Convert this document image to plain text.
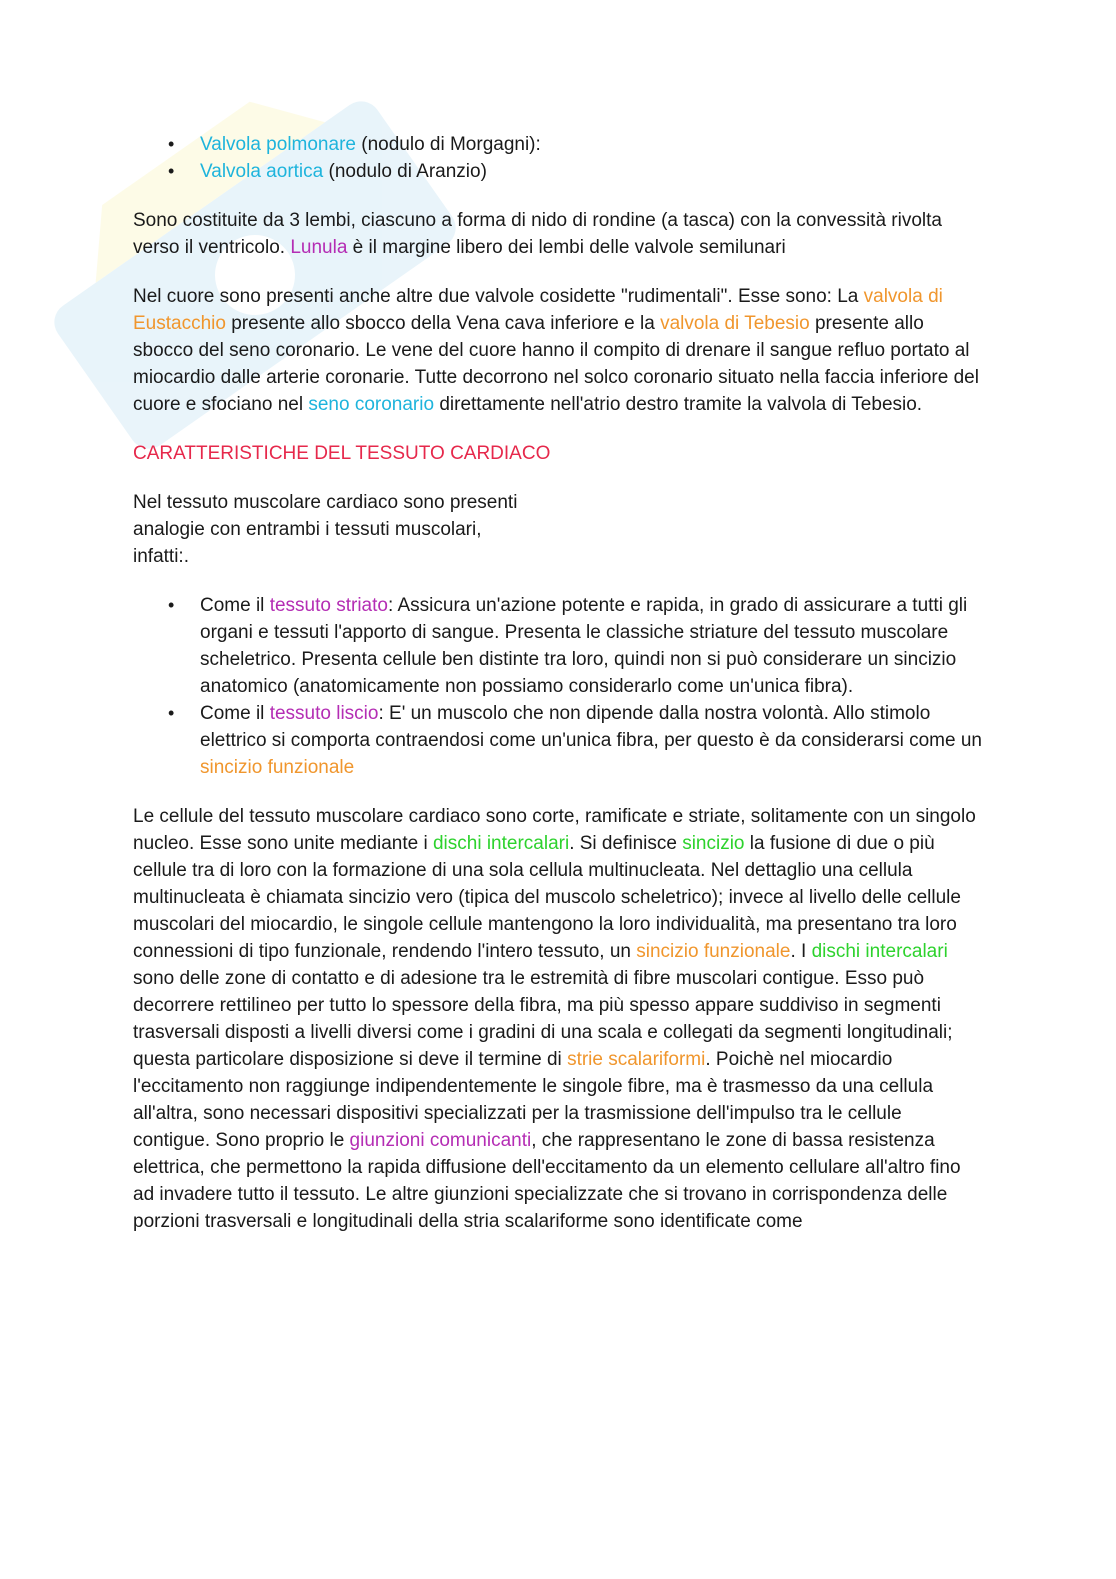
• Valvola polmonare (nodulo di Morgagni):
• Valvola aortica (nodulo di Aranzio)

Sono costituite da 3 lembi, ciascuno a forma di nido di rondine (a tasca) con la convessità rivolta verso il ventricolo. Lunula è il margine libero dei lembi delle valvole semilunari

Nel cuore sono presenti anche altre due valvole cosidette "rudimentali". Esse sono: La valvola di Eustacchio presente allo sbocco della Vena cava inferiore e la valvola di Tebesio presente allo sbocco del seno coronario. Le vene del cuore hanno il compito di drenare il sangue refluo portato al miocardio dalle arterie coronarie. Tutte decorrono nel solco coronario situato nella faccia inferiore del cuore e sfociano nel seno coronario direttamente nell'atrio destro tramite la valvola di Tebesio.

CARATTERISTICHE DEL TESSUTO CARDIACO

Nel tessuto muscolare cardiaco sono presenti
analogie con entrambi i tessuti muscolari,
infatti:.

• Come il tessuto striato: Assicura un'azione potente e rapida, in grado di assicurare a tutti gli organi e tessuti l'apporto di sangue. Presenta le classiche striature del tessuto muscolare scheletrico. Presenta cellule ben distinte tra loro, quindi non si può considerare un sincizio anatomico (anatomicamente non possiamo considerarlo come un'unica fibra).
• Come il tessuto liscio: E' un muscolo che non dipende dalla nostra volontà. Allo stimolo elettrico si comporta contraendosi come un'unica fibra, per questo è da considerarsi come un sincizio funzionale

Le cellule del tessuto muscolare cardiaco sono corte, ramificate e striate, solitamente con un singolo nucleo. Esse sono unite mediante i dischi intercalari. Si definisce sincizio la fusione di due o più cellule tra di loro con la formazione di una sola cellula multinucleata. Nel dettaglio una cellula multinucleata è chiamata sincizio vero (tipica del muscolo scheletrico); invece al livello delle cellule muscolari del miocardio, le singole cellule mantengono la loro individualità, ma presentano tra loro connessioni di tipo funzionale, rendendo l'intero tessuto, un sincizio funzionale. I dischi intercalari sono delle zone di contatto e di adesione tra le estremità di fibre muscolari contigue. Esso può decorrere rettilineo per tutto lo spessore della fibra, ma più spesso appare suddiviso in segmenti trasversali disposti a livelli diversi come i gradini di una scala e collegati da segmenti longitudinali; questa particolare disposizione si deve il termine di strie scalariformi. Poichè nel miocardio l'eccitamento non raggiunge indipendentemente le singole fibre, ma è trasmesso da una cellula all'altra, sono necessari dispositivi specializzati per la trasmissione dell'impulso tra le cellule contigue. Sono proprio le giunzioni comunicanti, che rappresentano le zone di bassa resistenza elettrica, che permettono la rapida diffusione dell'eccitamento da un elemento cellulare all'altro fino ad invadere tutto il tessuto. Le altre giunzioni specializzate che si trovano in corrispondenza delle porzioni trasversali e longitudinali della stria scalariforme sono identificate come
